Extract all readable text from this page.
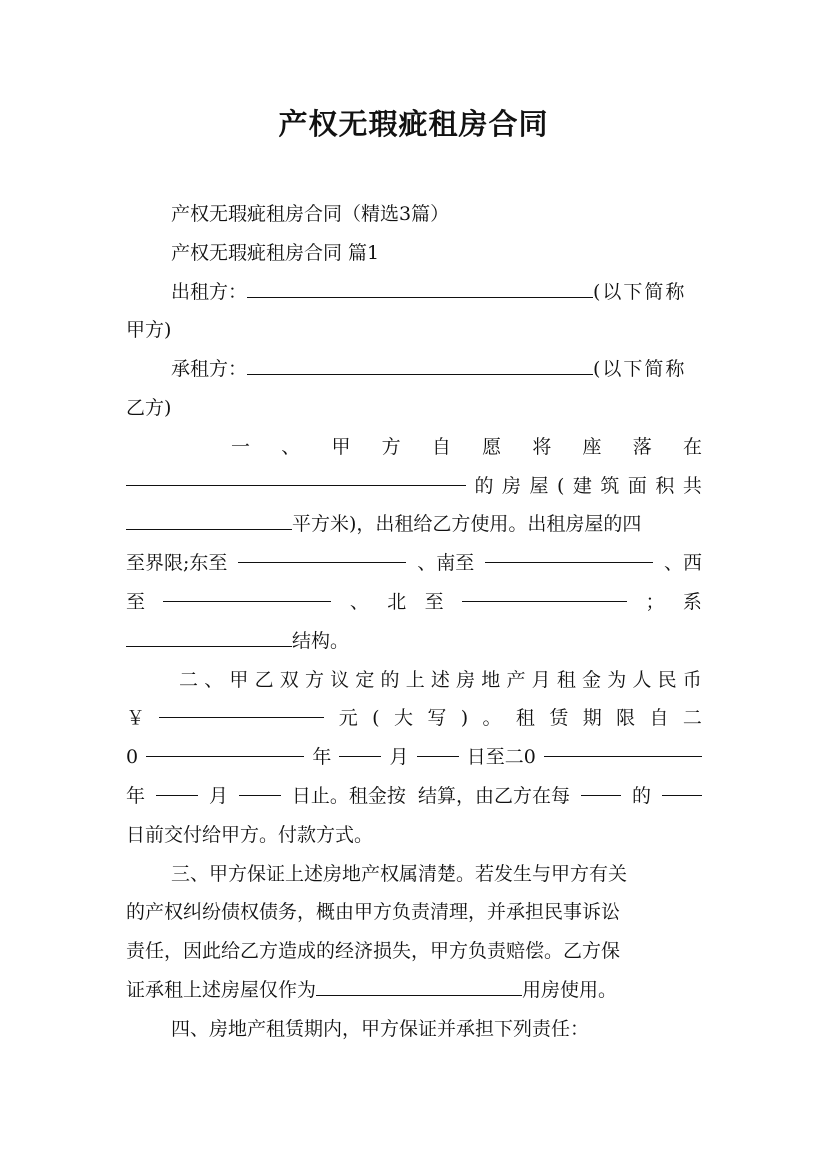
产权无瑕疵租房合同
产权无瑕疵租房合同（精选3篇）
产权无瑕疵租房合同 篇1
出租方：	(以下简称
甲方)
承租方：	(以下简称
乙方)
一 、 甲 方 自 愿 将 座 落 在
的 房 屋 ( 建 筑 面 积 共
平方米)，出租给乙方使用。出租房屋的四
至界限;东至	、南至	、西
至	、 北 至	； 系
结构。
二 、 甲 乙 双 方 议 定 的 上 述 房 地 产 月 租 金 为 人 民 币
￥	元 ( 大 写 ) 。 租 赁 期 限 自 二
0	年	月	日至二0
年	月	日止。租金按  结算，由乙方在每	的
日前交付给甲方。付款方式。
三、甲方保证上述房地产权属清楚。若发生与甲方有关
的产权纠纷债权债务，概由甲方负责清理，并承担民事诉讼
责任，因此给乙方造成的经济损失，甲方负责赔偿。乙方保
证承租上述房屋仅作为	用房使用。
四、房地产租赁期内，甲方保证并承担下列责任：
